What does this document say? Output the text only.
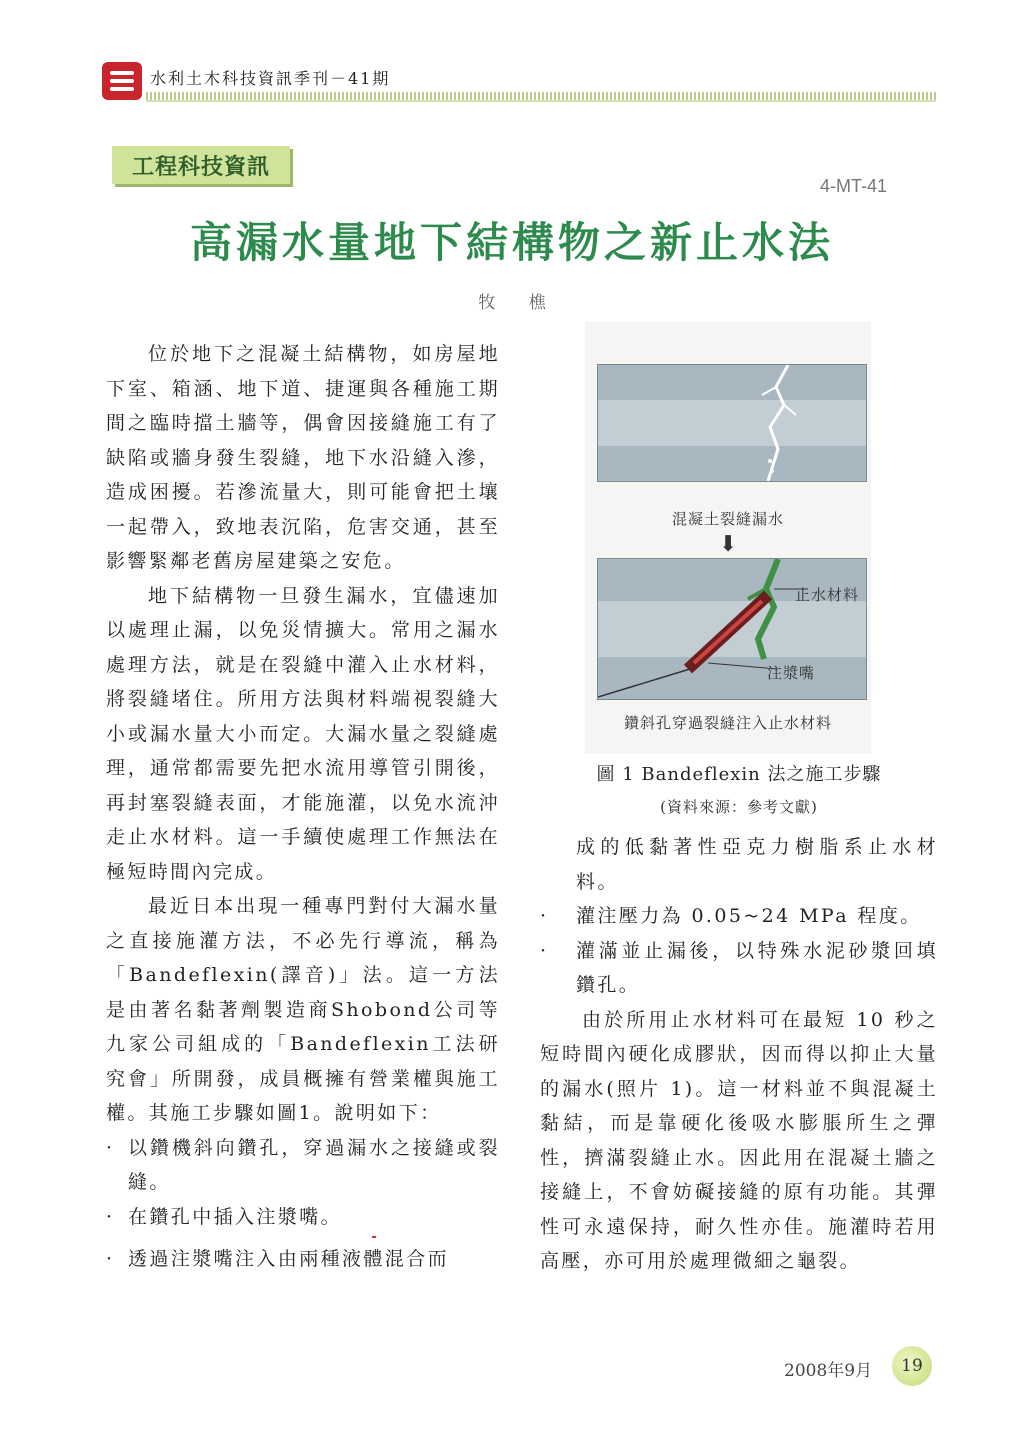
水利土木科技資訊季刊－41期
工程科技資訊
4-MT-41
高漏水量地下結構物之新止水法
牧 樵

位於地下之混凝土結構物，如房屋地下室、箱涵、地下道、捷運與各種施工期間之臨時擋土牆等，偶會因接縫施工有了缺陷或牆身發生裂縫，地下水沿縫入滲，造成困擾。若滲流量大，則可能會把土壤一起帶入，致地表沉陷，危害交通，甚至影響緊鄰老舊房屋建築之安危。

地下結構物一旦發生漏水，宜儘速加以處理止漏，以免災情擴大。常用之漏水處理方法，就是在裂縫中灌入止水材料，將裂縫堵住。所用方法與材料端視裂縫大小或漏水量大小而定。大漏水量之裂縫處理，通常都需要先把水流用導管引開後，再封塞裂縫表面，才能施灌，以免水流沖走止水材料。這一手續使處理工作無法在極短時間內完成。

最近日本出現一種專門對付大漏水量之直接施灌方法，不必先行導流，稱為「Bandeflexin(譯音)」法。這一方法是由著名黏著劑製造商Shobond公司等九家公司組成的「Bandeflexin工法研究會」所開發，成員概擁有營業權與施工權。其施工步驟如圖1。說明如下：

· 以鑽機斜向鑽孔，穿過漏水之接縫或裂縫。
· 在鑽孔中插入注漿嘴。
· 透過注漿嘴注入由兩種液體混合而
混凝土裂縫漏水
⬇
止水材料
注漿嘴
鑽斜孔穿過裂縫注入止水材料
圖 1 Bandeflexin 法之施工步驟
(資料來源：參考文獻)

成的低黏著性亞克力樹脂系止水材料。

·	灌注壓力為 0.05~24 MPa 程度。
·	灌滿並止漏後，以特殊水泥砂漿回填鑽孔。

由於所用止水材料可在最短 10 秒之短時間內硬化成膠狀，因而得以抑止大量的漏水(照片 1)。這一材料並不與混凝土黏結，而是靠硬化後吸水膨脹所生之彈性，擠滿裂縫止水。因此用在混凝土牆之接縫上，不會妨礙接縫的原有功能。其彈性可永遠保持，耐久性亦佳。施灌時若用高壓，亦可用於處理微細之龜裂。

2008年9月	19
